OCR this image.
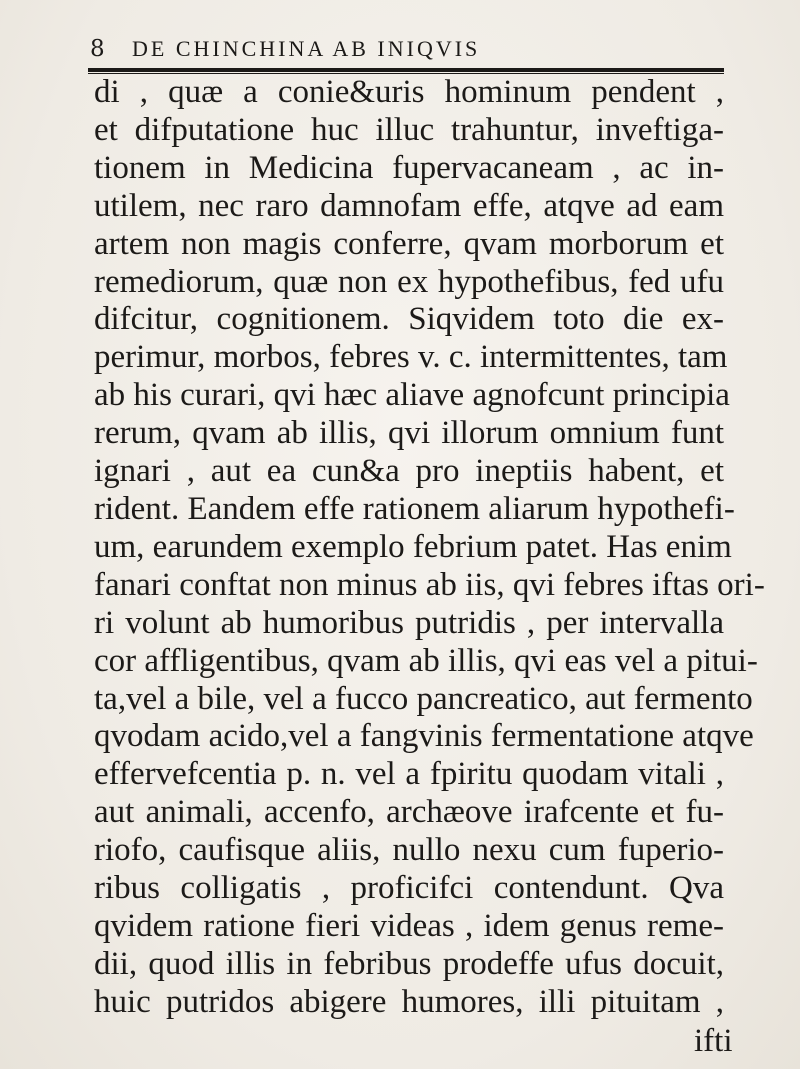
8 DE CHINCHINA AB INIQVIS
di , quæ a conie&uris hominum pendent ,
et difputatione huc illuc trahuntur, inveftiga-
tionem in Medicina fupervacaneam , ac in-
utilem, nec raro damnofam effe, atqve ad eam
artem non magis conferre, qvam morborum et
remediorum, quæ non ex hypothefibus, fed ufu
difcitur, cognitionem. Siqvidem toto die ex-
perimur, morbos, febres v. c. intermittentes, tam
ab his curari, qvi hæc aliave agnofcunt principia
rerum, qvam ab illis, qvi illorum omnium funt
ignari , aut ea cun&a pro ineptiis habent, et
rident. Eandem effe rationem aliarum hypothefi-
um, earundem exemplo febrium patet. Has enim
fanari conftat non minus ab iis, qvi febres iftas ori-
ri volunt ab humoribus putridis , per intervalla
cor affligentibus, qvam ab illis, qvi eas vel a pitui-
ta,vel a bile, vel a fucco pancreatico, aut fermento
qvodam acido,vel a fangvinis fermentatione atqve
effervefcentia p. n. vel a fpiritu quodam vitali ,
aut animali, accenfo, archæove irafcente et fu-
riofo, caufisque aliis, nullo nexu cum fuperio-
ribus colligatis , proficifci contendunt. Qva
qvidem ratione fieri videas , idem genus reme-
dii, quod illis in febribus prodeffe ufus docuit,
huic putridos abigere humores, illi pituitam ,
ifti
